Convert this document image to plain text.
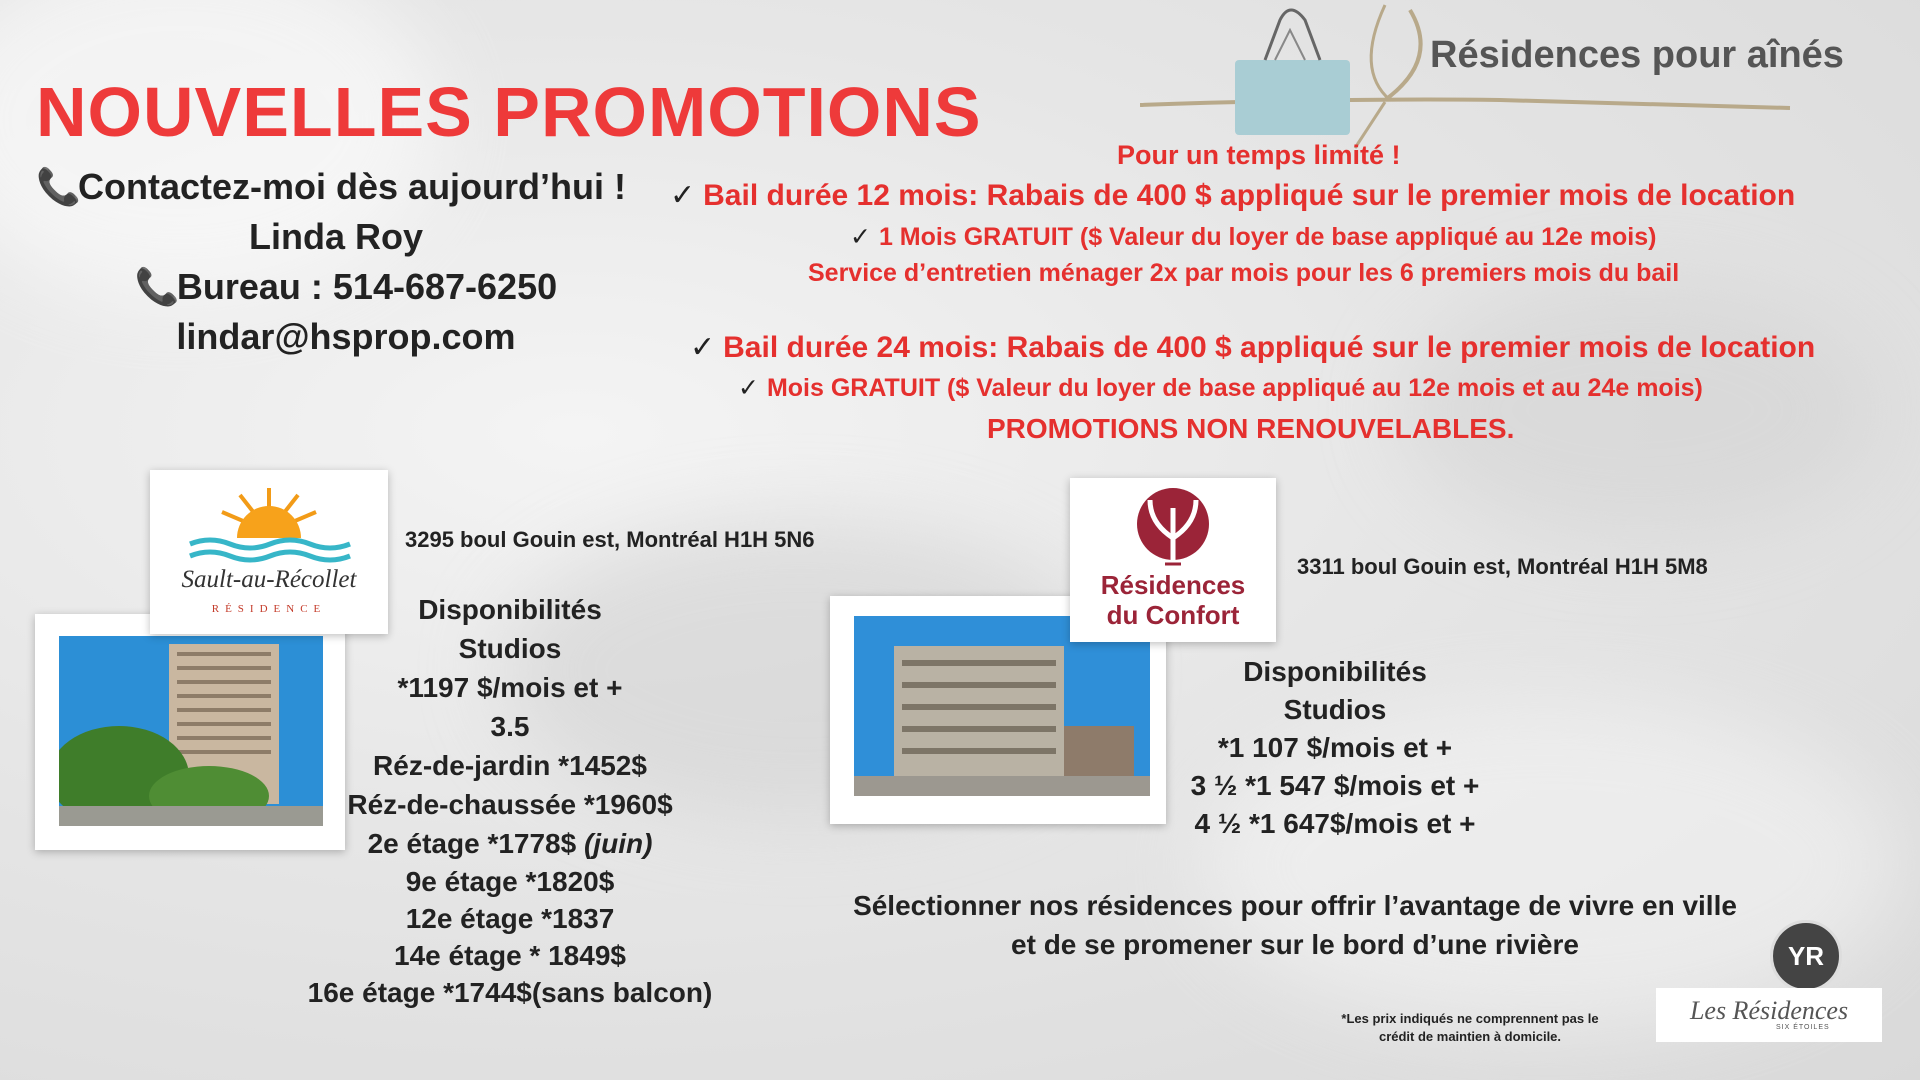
NOUVELLES PROMOTIONS
Résidences pour aînés
📞Contactez-moi dès aujourd’hui !
Linda Roy
📞Bureau : 514-687-6250
lindar@hsprop.com
Pour un temps limité !
✓ Bail durée 12 mois: Rabais de 400 $ appliqué sur le premier mois de location
✓ 1 Mois GRATUIT ($ Valeur du loyer de base appliqué au 12e mois)
Service d’entretien ménager 2x par mois pour les 6 premiers mois du bail
✓ Bail durée 24 mois: Rabais de 400 $ appliqué sur le premier mois de location
✓ Mois GRATUIT ($ Valeur du loyer de base appliqué au 12e mois et au 24e mois)
PROMOTIONS NON RENOUVELABLES.
Sault-au-Récollet
RÉSIDENCE
3295 boul Gouin est, Montréal H1H 5N6
Disponibilités
Studios
*1197 $/mois et +
3.5
Réz-de-jardin *1452$
Réz-de-chaussée *1960$
2e étage *1778$ (juin)
9e étage *1820$
12e étage *1837
14e étage * 1849$
16e étage *1744$(sans balcon)
Résidences
du Confort
3311 boul Gouin est, Montréal H1H 5M8
Disponibilités
Studios
*1 107 $/mois et +
3 ½ *1 547 $/mois et +
4 ½ *1 647$/mois et +
Sélectionner nos résidences pour offrir l’avantage de vivre en ville
et de se promener sur le bord d’une rivière
*Les prix indiqués ne comprennent pas le
crédit de maintien à domicile.
YR
Les Résidences
SIX ÉTOILES
